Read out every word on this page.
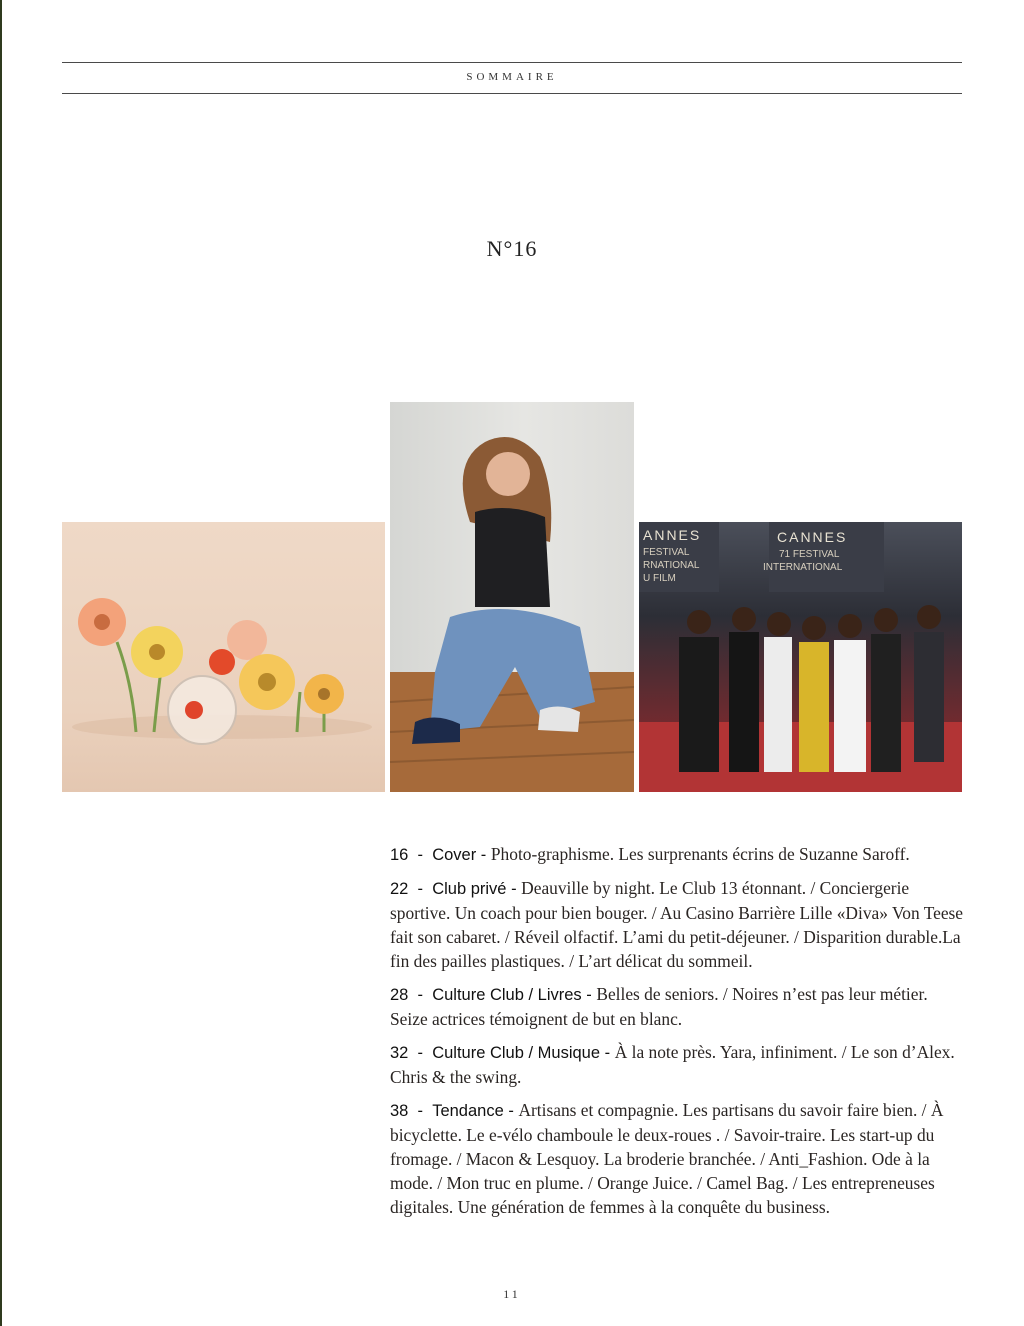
SOMMAIRE
N°16
ANNES
FESTIVAL
RNATIONAL
U FILM
CANNES
71 FESTIVAL
INTERNATIONAL
16  -  Cover - Photo-graphisme. Les surprenants écrins de Suzanne Saroff.
22  -  Club privé - Deauville by night. Le Club 13 étonnant. / Conciergerie sportive. Un coach pour bien bouger. / Au Casino Barrière Lille «Diva» Von Teese fait son cabaret. / Réveil olfactif. L’ami du petit-déjeuner. / Disparition durable.La fin des pailles plastiques. / L’art délicat du sommeil.
28  -  Culture Club / Livres - Belles de seniors. / Noires n’est pas leur métier. Seize actrices témoignent de but en blanc.
32  -  Culture Club / Musique - À la note près. Yara, infiniment. / Le son d’Alex. Chris & the swing.
38  -  Tendance - Artisans et compagnie. Les partisans du savoir faire bien. / À bicyclette. Le e-vélo chamboule le deux-roues . / Savoir-traire. Les start-up du fromage. / Macon & Lesquoy. La broderie branchée. / Anti_Fashion. Ode à la mode. / Mon truc en plume. / Orange Juice. / Camel Bag. / Les entrepreneuses digitales. Une génération de femmes à la conquête du business.
11
